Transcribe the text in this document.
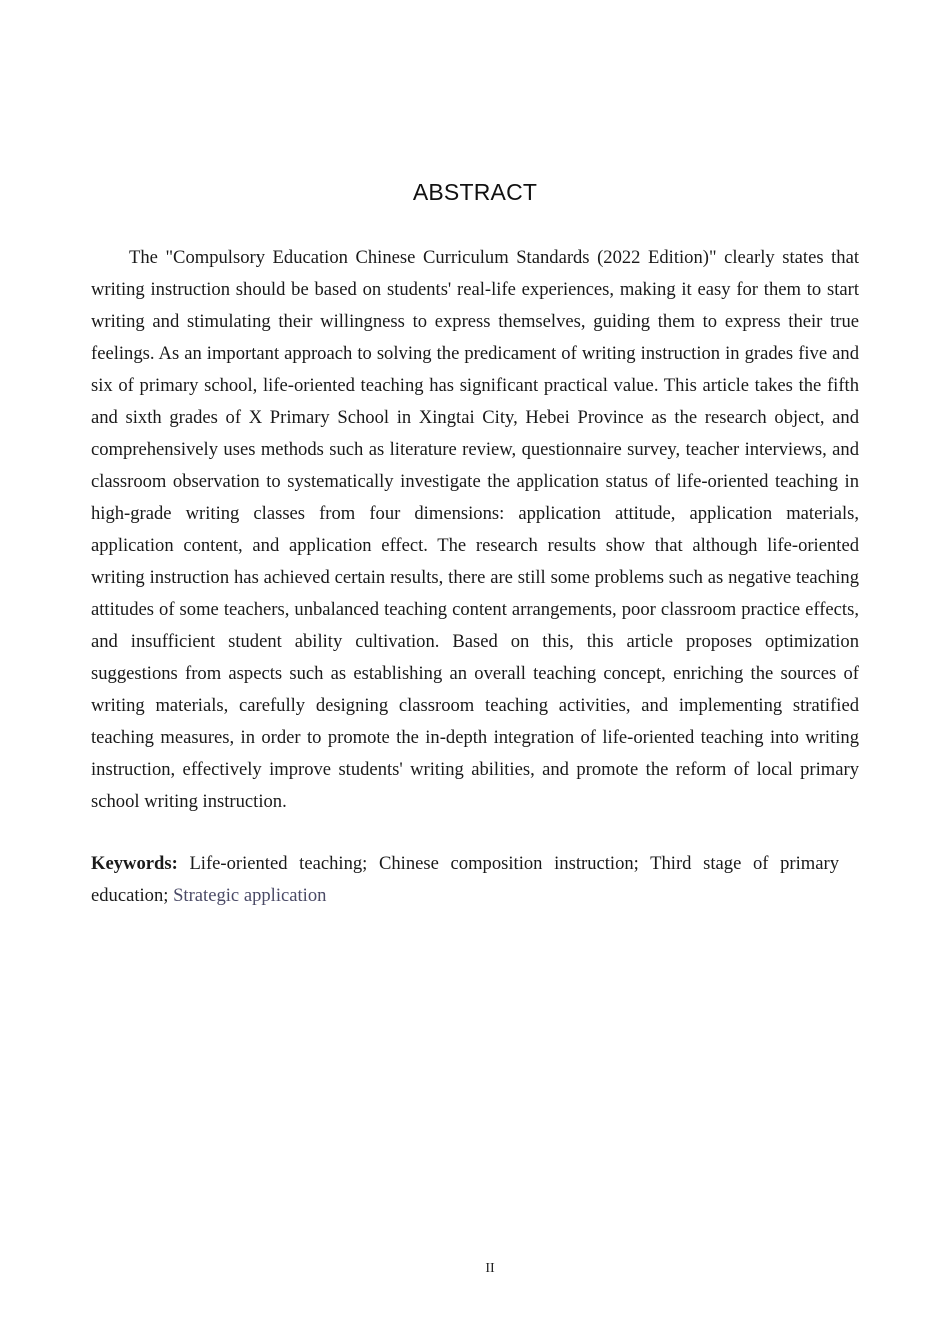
ABSTRACT

The "Compulsory Education Chinese Curriculum Standards (2022 Edition)" clearly states that writing instruction should be based on students' real-life experiences, making it easy for them to start writing and stimulating their willingness to express themselves, guiding them to express their true feelings. As an important approach to solving the predicament of writing instruction in grades five and six of primary school, life-oriented teaching has significant practical value. This article takes the fifth and sixth grades of X Primary School in Xingtai City, Hebei Province as the research object, and comprehensively uses methods such as literature review, questionnaire survey, teacher interviews, and classroom observation to systematically investigate the application status of life-oriented teaching in high-grade writing classes from four dimensions: application attitude, application materials, application content, and application effect. The research results show that although life-oriented writing instruction has achieved certain results, there are still some problems such as negative teaching attitudes of some teachers, unbalanced teaching content arrangements, poor classroom practice effects, and insufficient student ability cultivation. Based on this, this article proposes optimization suggestions from aspects such as establishing an overall teaching concept, enriching the sources of writing materials, carefully designing classroom teaching activities, and implementing stratified teaching measures, in order to promote the in-depth integration of life-oriented teaching into writing instruction, effectively improve students' writing abilities, and promote the reform of local primary school writing instruction.

Keywords: Life-oriented teaching; Chinese composition instruction; Third stage of primary education; Strategic application

II
